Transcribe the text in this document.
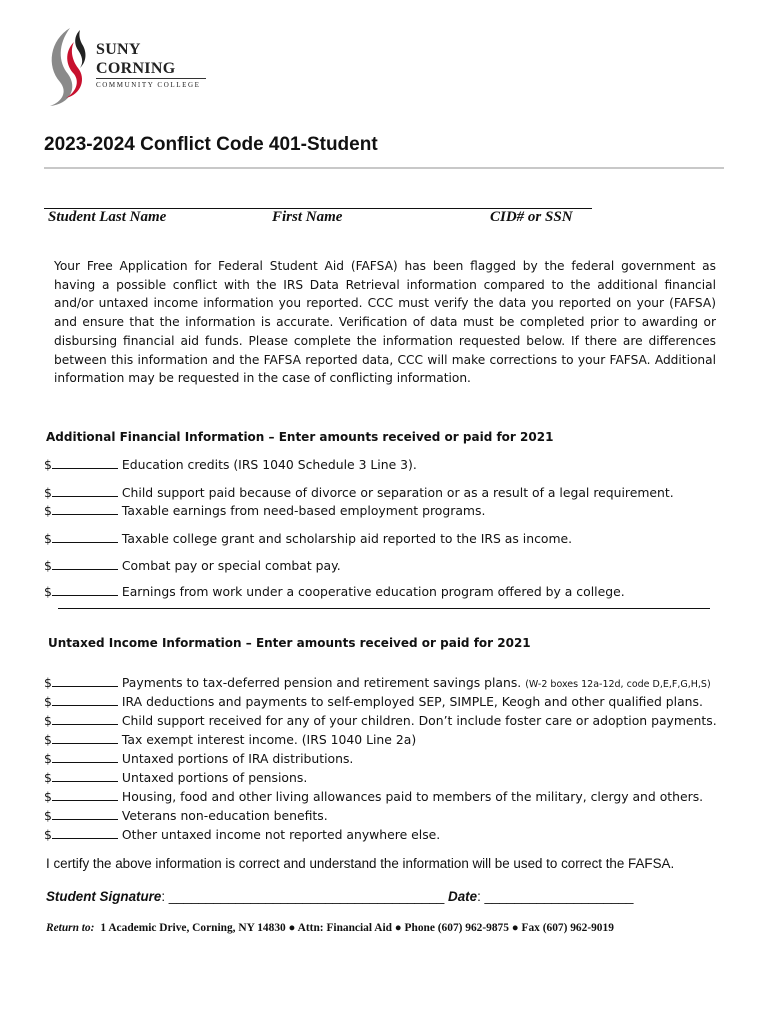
SUNY
CORNING
COMMUNITY COLLEGE
2023-2024 Conflict Code 401-Student
Student Last Name	First Name	CID# or SSN
Your Free Application for Federal Student Aid (FAFSA) has been flagged by the federal government as having a possible conflict with the IRS Data Retrieval information compared to the additional financial and/or untaxed income information you reported. CCC must verify the data you reported on your (FAFSA) and ensure that the information is accurate. Verification of data must be completed prior to awarding or disbursing financial aid funds. Please complete the information requested below. If there are differences between this information and the FAFSA reported data, CCC will make corrections to your FAFSA. Additional information may be requested in the case of conflicting information.
Additional Financial Information – Enter amounts received or paid for 2021
$	Education credits (IRS 1040 Schedule 3 Line 3).
$	Child support paid because of divorce or separation or as a result of a legal requirement.
$	Taxable earnings from need-based employment programs.
$	Taxable college grant and scholarship aid reported to the IRS as income.
$	Combat pay or special combat pay.
$	Earnings from work under a cooperative education program offered by a college.
Untaxed Income Information – Enter amounts received or paid for 2021
$	Payments to tax-deferred pension and retirement savings plans. (W-2 boxes 12a-12d, code D,E,F,G,H,S)
$	IRA deductions and payments to self-employed SEP, SIMPLE, Keogh and other qualified plans.
$	Child support received for any of your children. Don’t include foster care or adoption payments.
$	Tax exempt interest income. (IRS 1040 Line 2a)
$	Untaxed portions of IRA distributions.
$	Untaxed portions of pensions.
$	Housing, food and other living allowances paid to members of the military, clergy and others.
$	Veterans non-education benefits.
$	Other untaxed income not reported anywhere else.
I certify the above information is correct and understand the information will be used to correct the FAFSA.
Student Signature: _____________________________________ Date: ____________________
Return to: 1 Academic Drive, Corning, NY 14830 ● Attn: Financial Aid ● Phone (607) 962-9875 ● Fax (607) 962-9019
